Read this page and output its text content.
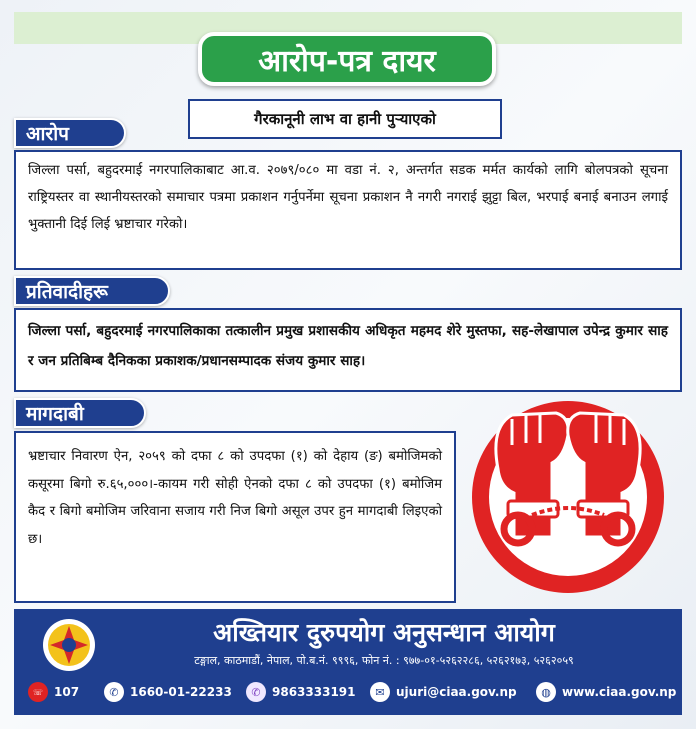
आरोप-पत्र दायर
गैरकानूनी लाभ वा हानी पुऱ्याएको
आरोप
जिल्ला पर्सा, बहुदरमाई नगरपालिकाबाट आ.व. २०७९/०८० मा वडा नं. २, अन्तर्गत सडक मर्मत कार्यको लागि बोलपत्रको सूचना राष्ट्रियस्तर वा स्थानीयस्तरको समाचार पत्रमा प्रकाशन गर्नुपर्नेमा सूचना प्रकाशन नै नगरी नगराई झुट्टा बिल, भरपाई बनाई बनाउन लगाई भुक्तानी दिई लिई भ्रष्टाचार गरेको।
प्रतिवादीहरू
जिल्ला पर्सा, बहुदरमाई नगरपालिकाका तत्कालीन प्रमुख प्रशासकीय अधिकृत महमद शेरे मुस्तफा, सह-लेखापाल उपेन्द्र कुमार साह र जन प्रतिबिम्ब दैनिकका प्रकाशक/प्रधानसम्पादक संजय कुमार साह।
मागदाबी
भ्रष्टाचार निवारण ऐन, २०५९ को दफा ८ को उपदफा (१) को देहाय (ङ) बमोजिमको कसूरमा बिगो रु.६५,०००।-कायम गरी सोही ऐनको दफा ८ को उपदफा (१) बमोजिम कैद र बिगो बमोजिम जरिवाना सजाय गरी निज बिगो असूल उपर हुन मागदाबी लिइएको छ।
अख्तियार दुरुपयोग अनुसन्धान आयोग
टङ्गाल, काठमाडौं, नेपाल, पो.ब.नं. ९९९६, फोन नं. : ९७७-०१-५२६२२८६, ५२६२१७३, ५२६२०५९
☏ 107	✆ 1660-01-22233	✆ 9863333191	✉ ujuri@ciaa.gov.np	◍ www.ciaa.gov.np
